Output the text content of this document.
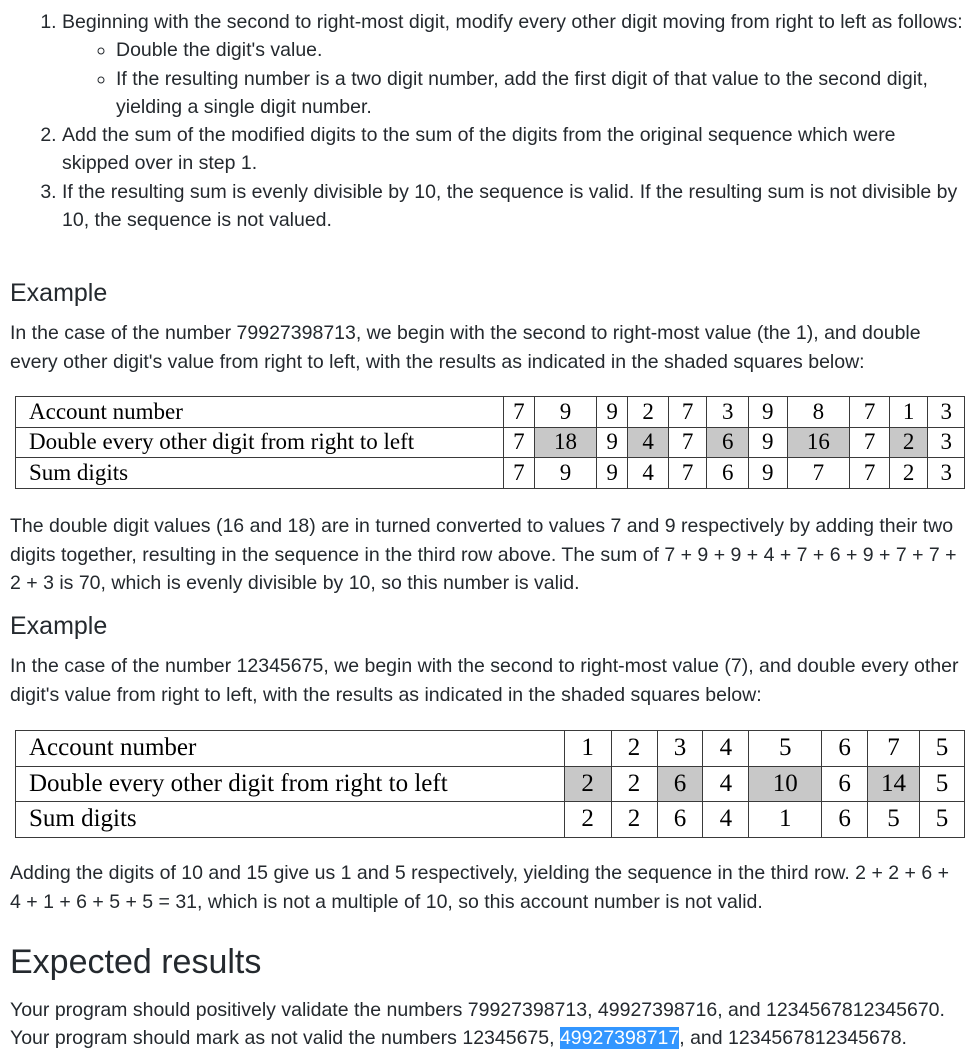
1. Beginning with the second to right-most digit, modify every other digit moving from right to left as follows:
◦ Double the digit's value.
◦ If the resulting number is a two digit number, add the first digit of that value to the second digit, yielding a single digit number.
2. Add the sum of the modified digits to the sum of the digits from the original sequence which were skipped over in step 1.
3. If the resulting sum is evenly divisible by 10, the sequence is valid. If the resulting sum is not divisible by 10, the sequence is not valued.
Example

In the case of the number 79927398713, we begin with the second to right-most value (the 1), and double every other digit's value from right to left, with the results as indicated in the shaded squares below:

Account number	7	9	9	2	7	3	9	8	7	1	3
Double every other digit from right to left	7	18	9	4	7	6	9	16	7	2	3
Sum digits	7	9	9	4	7	6	9	7	7	2	3

The double digit values (16 and 18) are in turned converted to values 7 and 9 respectively by adding their two digits together, resulting in the sequence in the third row above. The sum of 7 + 9 + 9 + 4 + 7 + 6 + 9 + 7 + 7 + 2 + 3 is 70, which is evenly divisible by 10, so this number is valid.

Example

In the case of the number 12345675, we begin with the second to right-most value (7), and double every other digit's value from right to left, with the results as indicated in the shaded squares below:

Account number	1	2	3	4	5	6	7	5
Double every other digit from right to left	2	2	6	4	10	6	14	5
Sum digits	2	2	6	4	1	6	5	5

Adding the digits of 10 and 15 give us 1 and 5 respectively, yielding the sequence in the third row. 2 + 2 + 6 + 4 + 1 + 6 + 5 + 5 = 31, which is not a multiple of 10, so this account number is not valid.

Expected results

Your program should positively validate the numbers 79927398713, 49927398716, and 1234567812345670.

Your program should mark as not valid the numbers 12345675, 49927398717, and 1234567812345678.
